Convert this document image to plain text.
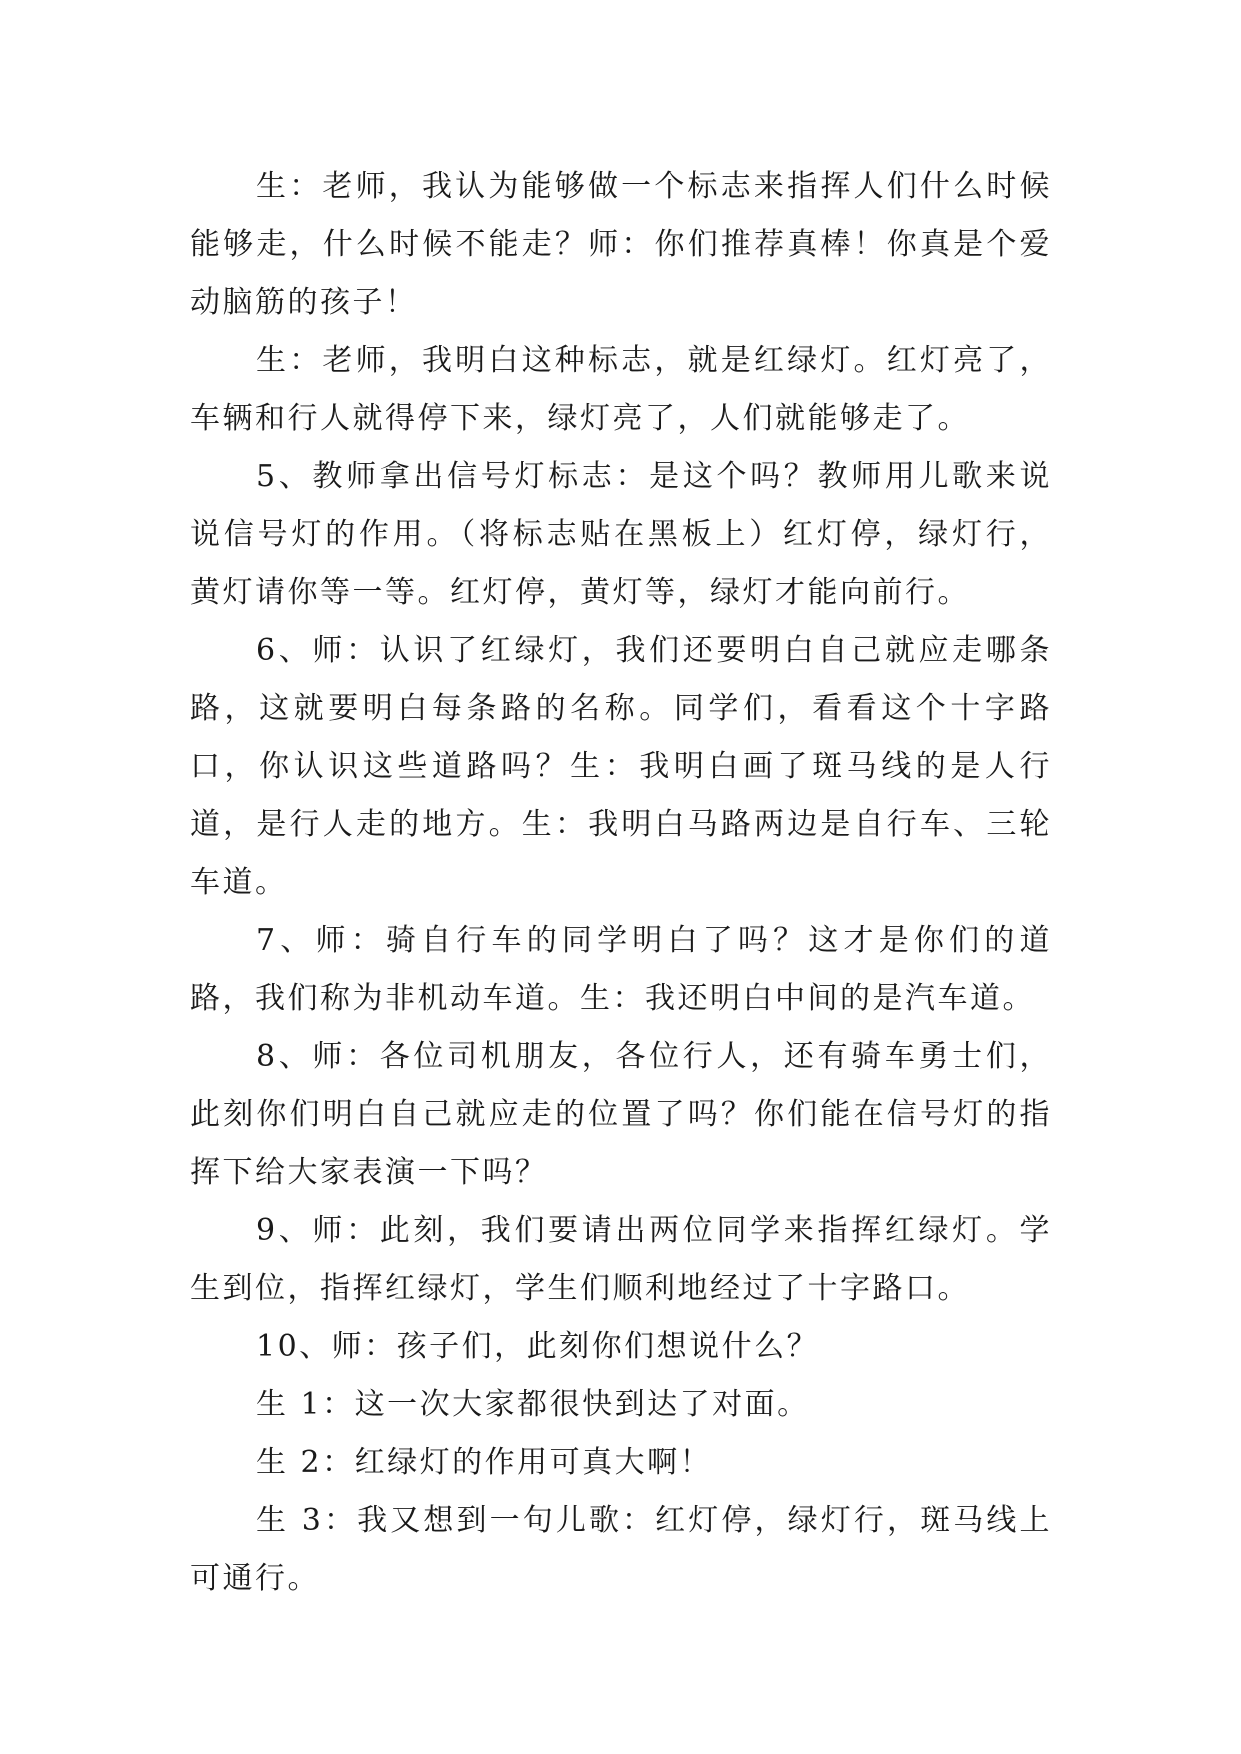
生：老师，我认为能够做一个标志来指挥人们什么时候能够走，什么时候不能走？师：你们推荐真棒！你真是个爱动脑筋的孩子！

生：老师，我明白这种标志，就是红绿灯。红灯亮了，车辆和行人就得停下来，绿灯亮了，人们就能够走了。

5、教师拿出信号灯标志：是这个吗？教师用儿歌来说说信号灯的作用。（将标志贴在黑板上）红灯停，绿灯行，黄灯请你等一等。红灯停，黄灯等，绿灯才能向前行。

6、师：认识了红绿灯，我们还要明白自己就应走哪条路，这就要明白每条路的名称。同学们，看看这个十字路口，你认识这些道路吗？生：我明白画了斑马线的是人行道，是行人走的地方。生：我明白马路两边是自行车、三轮车道。

7、师：骑自行车的同学明白了吗？这才是你们的道路，我们称为非机动车道。生：我还明白中间的是汽车道。

8、师：各位司机朋友，各位行人，还有骑车勇士们，此刻你们明白自己就应走的位置了吗？你们能在信号灯的指挥下给大家表演一下吗？

9、师：此刻，我们要请出两位同学来指挥红绿灯。学生到位，指挥红绿灯，学生们顺利地经过了十字路口。

10、师：孩子们，此刻你们想说什么？

生 1：这一次大家都很快到达了对面。

生 2：红绿灯的作用可真大啊！

生 3：我又想到一句儿歌：红灯停，绿灯行，斑马线上可通行。
